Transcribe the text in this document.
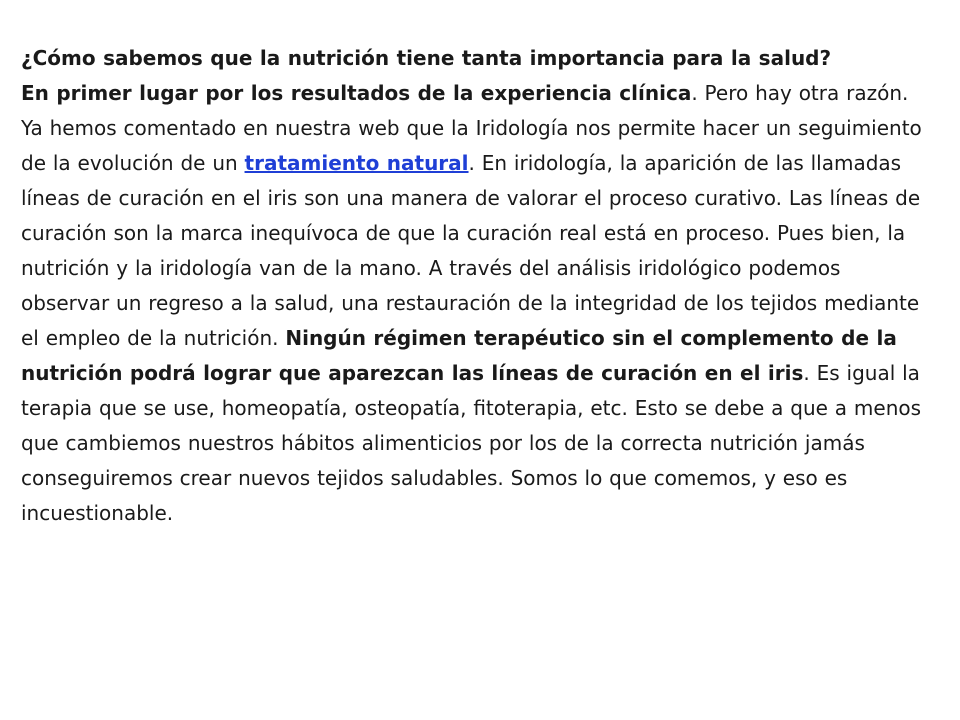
¿Cómo sabemos que la nutrición tiene tanta importancia para la salud?
En primer lugar por los resultados de la experiencia clínica. Pero hay otra razón. Ya hemos comentado en nuestra web que la Iridología nos permite hacer un seguimiento de la evolución de un tratamiento natural. En iridología, la aparición de las llamadas líneas de curación en el iris son una manera de valorar el proceso curativo. Las líneas de curación son la marca inequívoca de que la curación real está en proceso. Pues bien, la nutrición y la iridología van de la mano. A través del análisis iridológico podemos observar un regreso a la salud, una restauración de la integridad de los tejidos mediante el empleo de la nutrición. Ningún régimen terapéutico sin el complemento de la nutrición podrá lograr que aparezcan las líneas de curación en el iris. Es igual la terapia que se use, homeopatía, osteopatía, fitoterapia, etc. Esto se debe a que a menos que cambiemos nuestros hábitos alimenticios por los de la correcta nutrición jamás conseguiremos crear nuevos tejidos saludables. Somos lo que comemos, y eso es incuestionable.
